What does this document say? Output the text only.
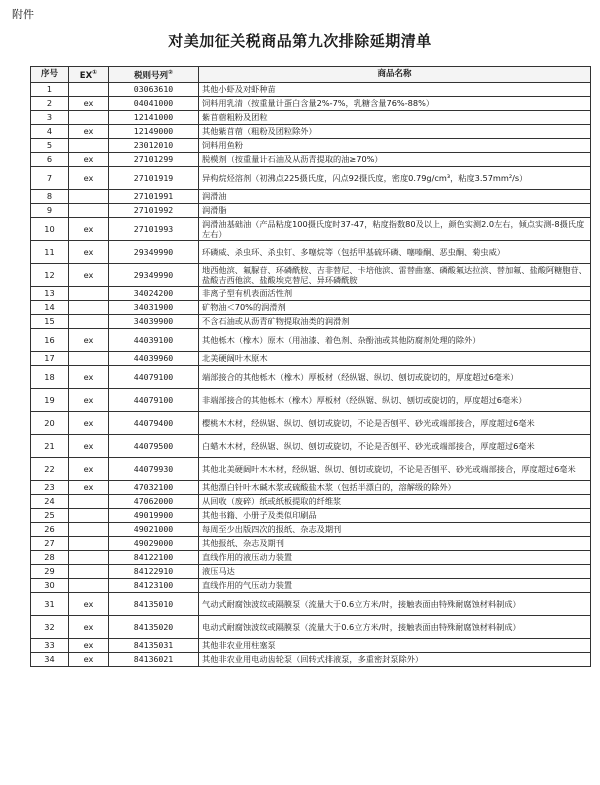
附件
对美加征关税商品第九次排除延期清单
序号	EX①	税则号列②	商品名称
1		03063610	其他小虾及对虾种苗
2	ex	04041000	饲料用乳清（按重量计蛋白含量2%-7%，乳糖含量76%-88%）
3		12141000	紫苜蓿粗粉及团粒
4	ex	12149000	其他紫苜蓿（粗粉及团粒除外）
5		23012010	饲料用鱼粉
6	ex	27101299	脱模剂（按重量计石油及从沥青提取的油≥70%）
7	ex	27101919	异构烷烃溶剂（初沸点225摄氏度，闪点92摄氏度，密度0.79g/cm³，粘度3.57mm²/s）
8		27101991	润滑油
9		27101992	润滑脂
10	ex	27101993	润滑油基础油（产品粘度100摄氏度时37-47，粘度指数80及以上，颜色实测2.0左右，倾点实测-8摄氏度左右）
11	ex	29349990	环磷威、杀虫环、杀虫钉、多噻烷等（包括甲基硫环磷、噻嗪酮、恶虫酮、菊虫威）
12	ex	29349990	地西他滨、氟脲苷、环磷酰胺、吉非替尼、卡培他滨、雷替曲塞、磷酸氟达拉滨、替加氟、盐酸阿糖胞苷、盐酸吉西他滨、盐酸埃克替尼、异环磷酰胺
13		34024200	非离子型有机表面活性剂
14		34031900	矿物油＜70%的润滑剂
15		34039900	不含石油或从沥青矿物提取油类的润滑剂
16	ex	44039100	其他栎木（橡木）原木（用油漆、着色剂、杂酚油或其他防腐剂处理的除外）
17		44039960	北美硬阔叶木原木
18	ex	44079100	端部接合的其他栎木（橡木）厚板材（经纵锯、纵切、刨切或旋切的，厚度超过6毫米）
19	ex	44079100	非端部接合的其他栎木（橡木）厚板材（经纵锯、纵切、刨切或旋切的，厚度超过6毫米）
20	ex	44079400	樱桃木木材，经纵锯、纵切、刨切或旋切，不论是否刨平、砂光或端部接合，厚度超过6毫米
21	ex	44079500	白蜡木木材，经纵锯、纵切、刨切或旋切，不论是否刨平、砂光或端部接合，厚度超过6毫米
22	ex	44079930	其他北美硬阔叶木木材，经纵锯、纵切、刨切或旋切，不论是否刨平、砂光或端部接合，厚度超过6毫米
23	ex	47032100	其他漂白针叶木碱木浆或硫酸盐木浆（包括半漂白的，溶解级的除外）
24		47062000	从回收（废碎）纸或纸板提取的纤维浆
25		49019900	其他书籍、小册子及类似印刷品
26		49021000	每周至少出版四次的报纸、杂志及期刊
27		49029000	其他报纸、杂志及期刊
28		84122100	直线作用的液压动力装置
29		84122910	液压马达
30		84123100	直线作用的气压动力装置
31	ex	84135010	气动式耐腐蚀波纹或隔膜泵（流量大于0.6立方米/时，接触表面由特殊耐腐蚀材料制成）
32	ex	84135020	电动式耐腐蚀波纹或隔膜泵（流量大于0.6立方米/时，接触表面由特殊耐腐蚀材料制成）
33	ex	84135031	其他非农业用柱塞泵
34	ex	84136021	其他非农业用电动齿轮泵（回转式排液泵，多重密封泵除外）
